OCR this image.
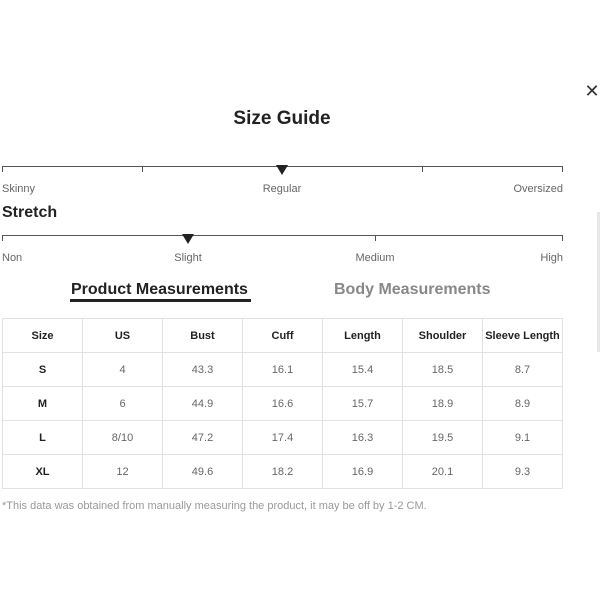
✕
Size Guide
Skinny	Regular	Oversized
Stretch
Non	Slight	Medium	High
Product Measurements	Body Measurements
Size	US	Bust	Cuff	Length	Shoulder	Sleeve Length
S	4	43.3	16.1	15.4	18.5	8.7
M	6	44.9	16.6	15.7	18.9	8.9
L	8/10	47.2	17.4	16.3	19.5	9.1
XL	12	49.6	18.2	16.9	20.1	9.3
*This data was obtained from manually measuring the product, it may be off by 1-2 CM.
